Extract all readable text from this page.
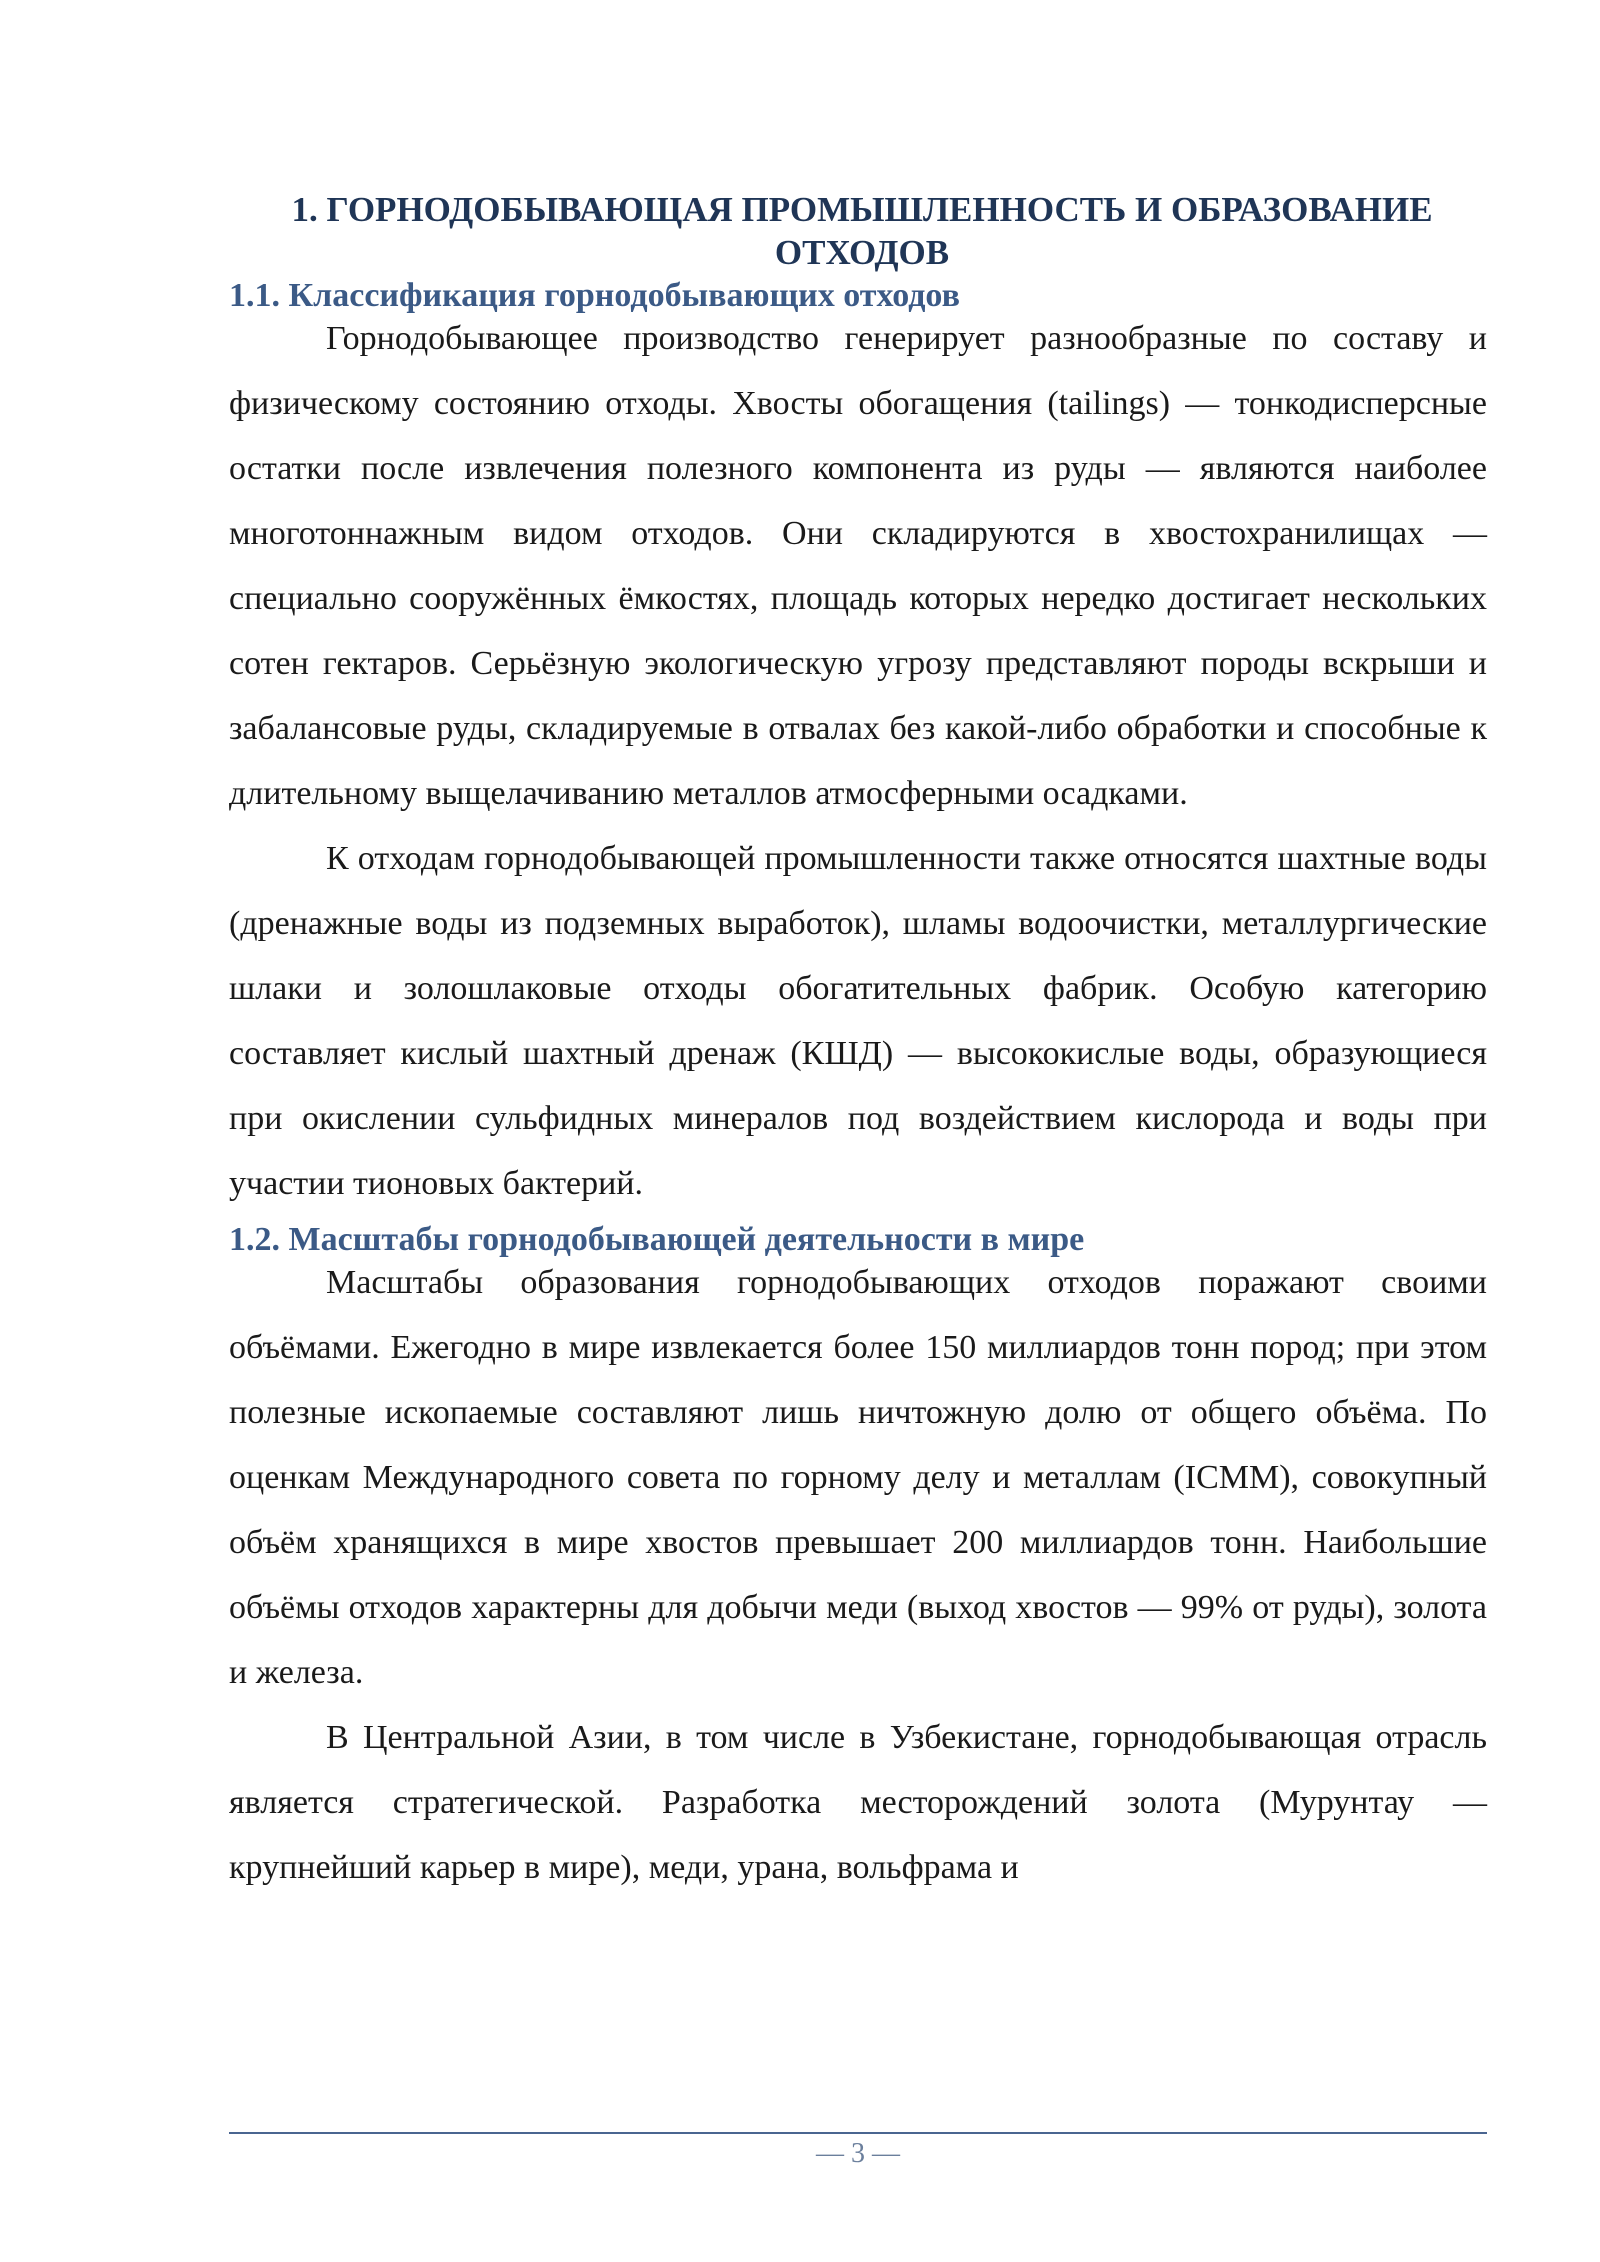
1. ГОРНОДОБЫВАЮЩАЯ ПРОМЫШЛЕННОСТЬ И ОБРАЗОВАНИЕ ОТХОДОВ
1.1. Классификация горнодобывающих отходов

Горнодобывающее производство генерирует разнообразные по составу и физическому состоянию отходы. Хвосты обогащения (tailings) — тонкодисперсные остатки после извлечения полезного компонента из руды — являются наиболее многотоннажным видом отходов. Они складируются в хвостохранилищах — специально сооружённых ёмкостях, площадь которых нередко достигает нескольких сотен гектаров. Серьёзную экологическую угрозу представляют породы вскрыши и забалансовые руды, складируемые в отвалах без какой-либо обработки и способные к длительному выщелачиванию металлов атмосферными осадками.

К отходам горнодобывающей промышленности также относятся шахтные воды (дренажные воды из подземных выработок), шламы водоочистки, металлургические шлаки и золошлаковые отходы обогатительных фабрик. Особую категорию составляет кислый шахтный дренаж (КШД) — высококислые воды, образующиеся при окислении сульфидных минералов под воздействием кислорода и воды при участии тионовых бактерий.

1.2. Масштабы горнодобывающей деятельности в мире

Масштабы образования горнодобывающих отходов поражают своими объёмами. Ежегодно в мире извлекается более 150 миллиардов тонн пород; при этом полезные ископаемые составляют лишь ничтожную долю от общего объёма. По оценкам Международного совета по горному делу и металлам (ICMM), совокупный объём хранящихся в мире хвостов превышает 200 миллиардов тонн. Наибольшие объёмы отходов характерны для добычи меди (выход хвостов — 99% от руды), золота и железа.

В Центральной Азии, в том числе в Узбекистане, горнодобывающая отрасль является стратегической. Разработка месторождений золота (Мурунтау — крупнейший карьер в мире), меди, урана, вольфрама и

— 3 —
